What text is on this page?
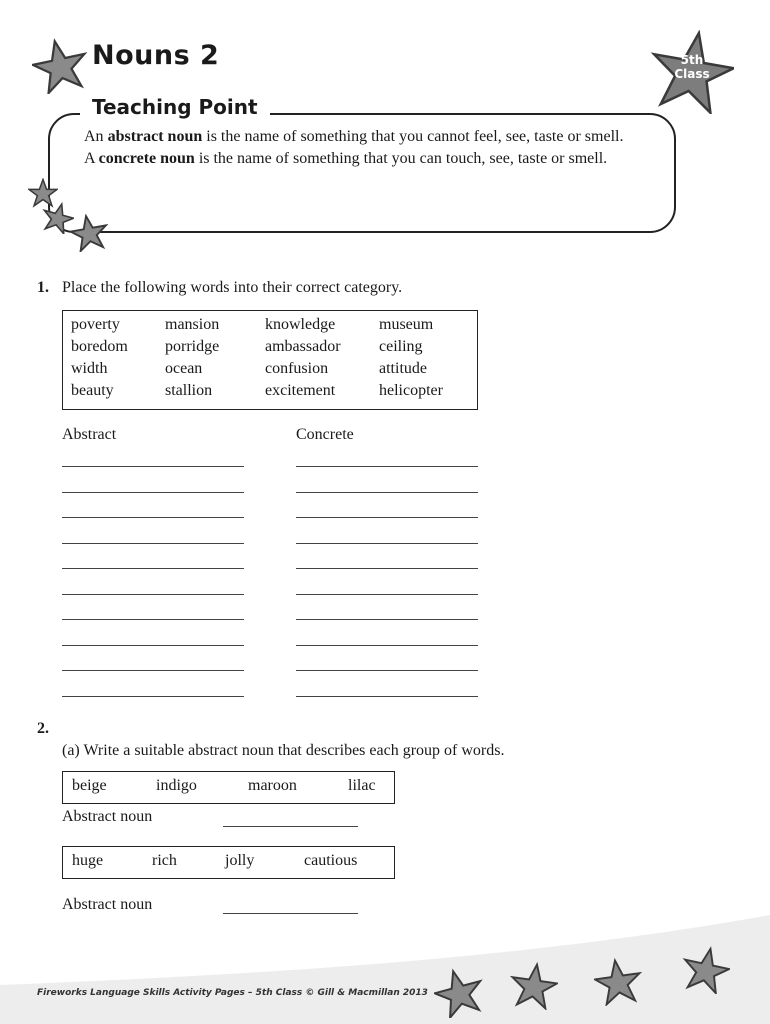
Nouns 2	5th
Class
Teaching Point
An abstract noun is the name of something that you cannot feel, see, taste or smell.
A concrete noun is the name of something that you can touch, see, taste or smell.
1. Place the following words into their correct category.
poverty	mansion	knowledge	museum
boredom	porridge	ambassador	ceiling
width	ocean	confusion	attitude
beauty	stallion	excitement	helicopter
Abstract	Concrete
2.
(a) Write a suitable abstract noun that describes each group of words.
beige	indigo	maroon	lilac
Abstract noun
huge	rich	jolly	cautious
Abstract noun
Fireworks Language Skills Activity Pages – 5th Class © Gill & Macmillan 2013
